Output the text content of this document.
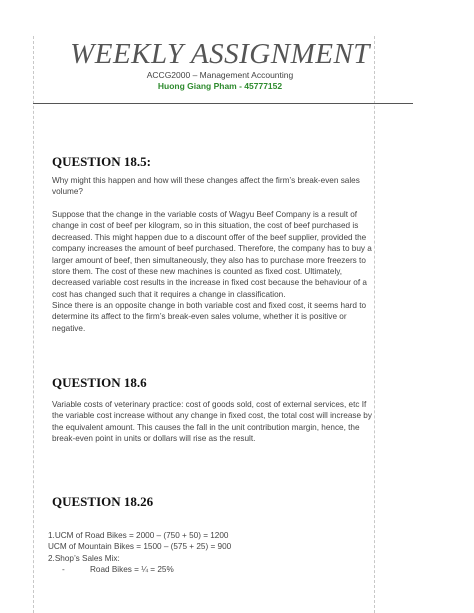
WEEKLY ASSIGNMENT
ACCG2000 – Management Accounting
Huong Giang Pham - 45777152
QUESTION 18.5:
Why might this happen and how will these changes affect the firm’s break-even sales volume?
Suppose that the change in the variable costs of Wagyu Beef Company is a result of change in cost of beef per kilogram, so in this situation, the cost of beef purchased is decreased. This might happen due to a discount offer of the beef supplier, provided the company increases the amount of beef purchased. Therefore, the company has to buy a larger amount of beef, then simultaneously, they also has to purchase more freezers to store them. The cost of these new machines is counted as fixed cost. Ultimately, decreased variable cost results in the increase in fixed cost because the behaviour of a cost has changed such that it requires a change in classification.
Since there is an opposite change in both variable cost and fixed cost, it seems hard to determine its affect to the firm’s break-even sales volume, whether it is positive or negative.
QUESTION 18.6
Variable costs of veterinary practice: cost of goods sold, cost of external services, etc If the variable cost increase without any change in fixed cost, the total cost will increase by the equivalent amount. This causes the fall in the unit contribution margin, hence, the break-even point in units or dollars will rise as the result.
QUESTION 18.26
1.UCM of Road Bikes = 2000 – (750 + 50) = 1200
UCM of Mountain Bikes = 1500 – (575 + 25) = 900
2.Shop’s Sales Mix:
-	Road Bikes = ¼ = 25%
